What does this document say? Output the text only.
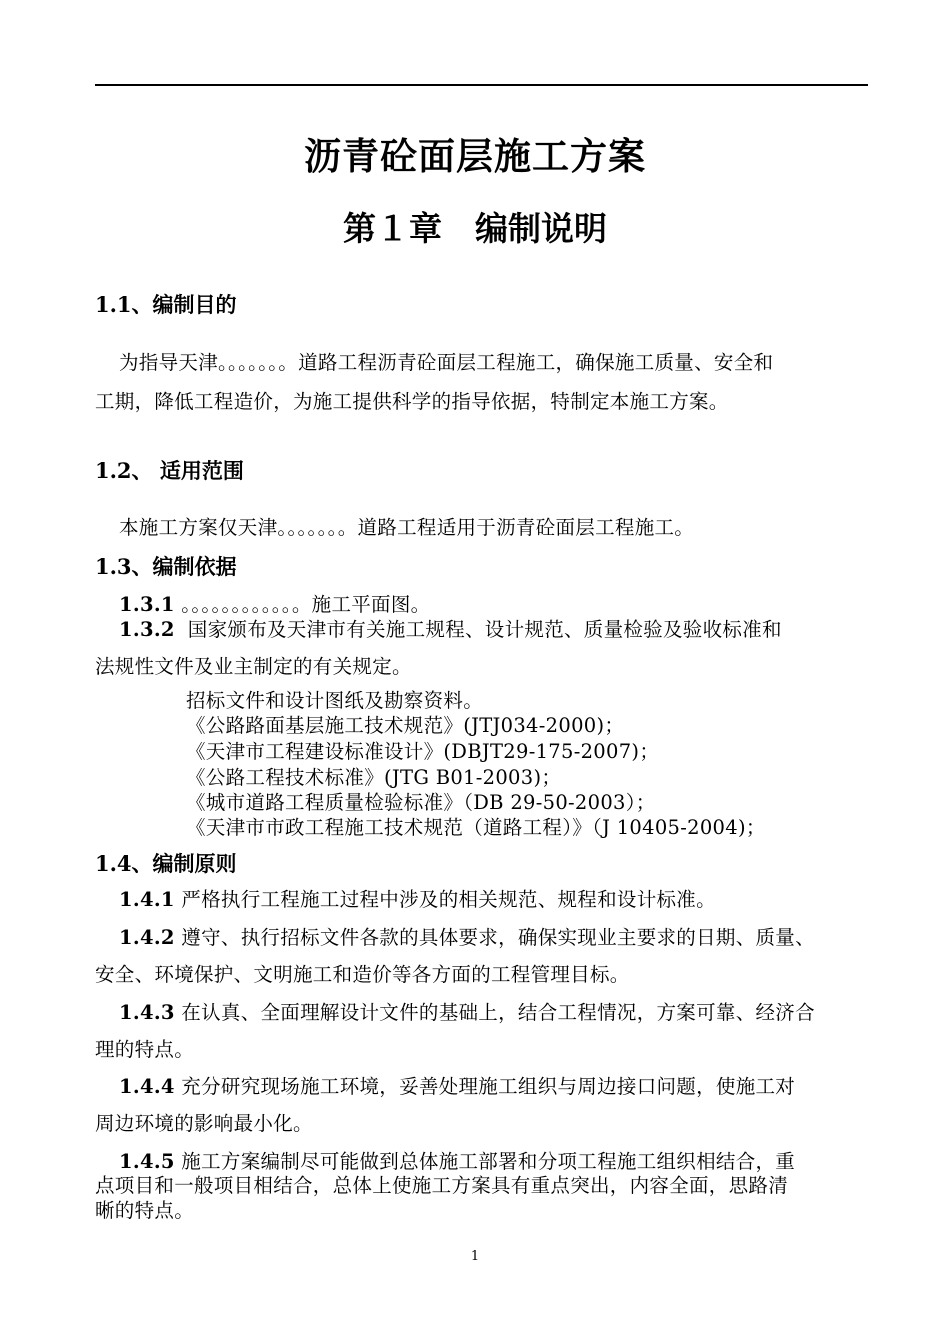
沥青砼面层施工方案
第１章　编制说明
1.1、编制目的
为指导天津。。。。。。。道路工程沥青砼面层工程施工，确保施工质量、安全和
工期，降低工程造价，为施工提供科学的指导依据，特制定本施工方案。
1.2、 适用范围
本施工方案仅天津。。。。。。。道路工程适用于沥青砼面层工程施工。
1.3、编制依据
1.3.1 。。。。。。。。。。。。施工平面图。
1.3.2 国家颁布及天津市有关施工规程、设计规范、质量检验及验收标准和
法规性文件及业主制定的有关规定。
招标文件和设计图纸及勘察资料。
《公路路面基层施工技术规范》(JTJ034-2000)；
《天津市工程建设标准设计》(DBJT29-175-2007)；
《公路工程技术标准》(JTG B01-2003)；
《城市道路工程质量检验标准》（DB 29-50-2003）；
《天津市市政工程施工技术规范（道路工程）》（J 10405-2004)；
1.4、编制原则
1.4.1 严格执行工程施工过程中涉及的相关规范、规程和设计标准。
1.4.2 遵守、执行招标文件各款的具体要求，确保实现业主要求的日期、质量、
安全、环境保护、文明施工和造价等各方面的工程管理目标。
1.4.3 在认真、全面理解设计文件的基础上，结合工程情况，方案可靠、经济合
理的特点。
1.4.4 充分研究现场施工环境，妥善处理施工组织与周边接口问题，使施工对
周边环境的影响最小化。
1.4.5 施工方案编制尽可能做到总体施工部署和分项工程施工组织相结合，重
点项目和一般项目相结合，总体上使施工方案具有重点突出，内容全面，思路清
晰的特点。
1
